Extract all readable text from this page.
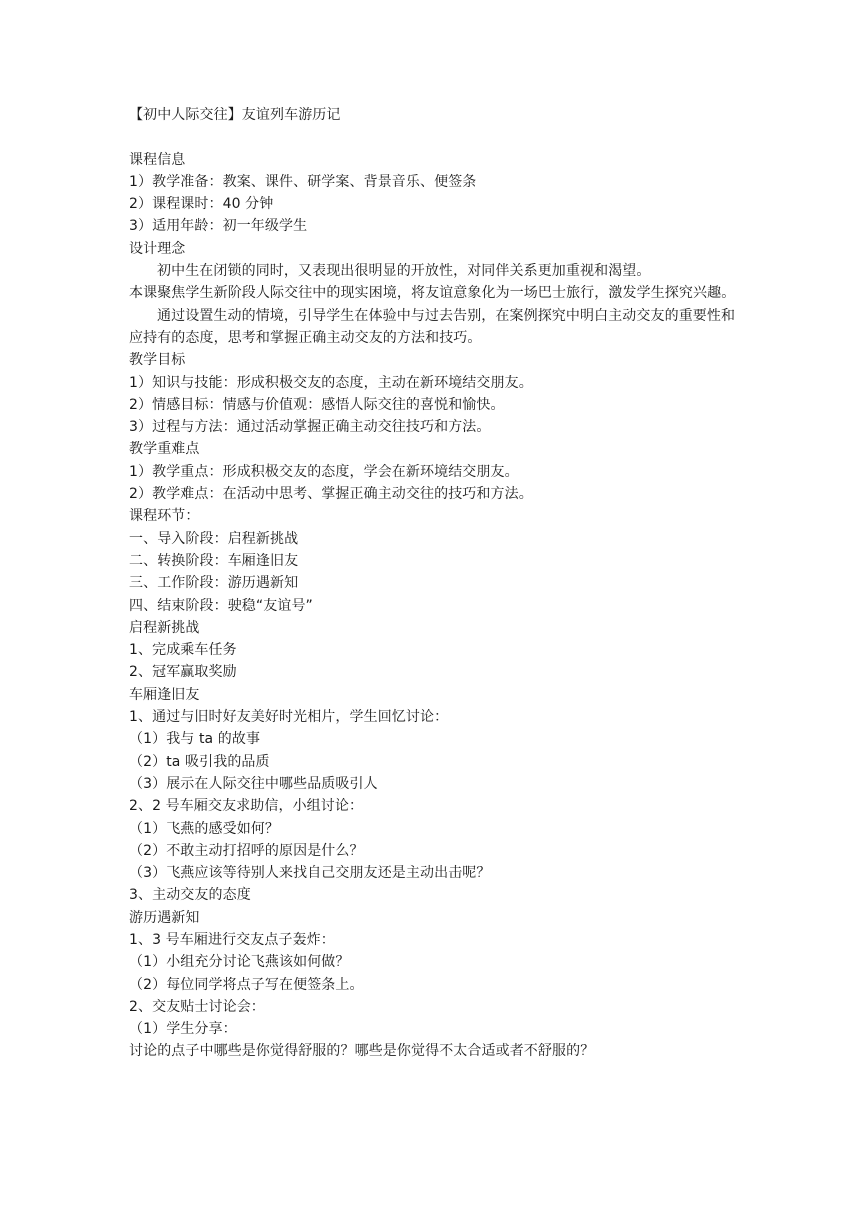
【初中人际交往】友谊列车游历记

课程信息

1）教学准备：教案、课件、研学案、背景音乐、便签条

2）课程课时：40 分钟

3）适用年龄：初一年级学生

设计理念

初中生在闭锁的同时，又表现出很明显的开放性，对同伴关系更加重视和渴望。

本课聚焦学生新阶段人际交往中的现实困境，将友谊意象化为一场巴士旅行，激发学生探究兴趣。

通过设置生动的情境，引导学生在体验中与过去告别，在案例探究中明白主动交友的重要性和应持有的态度，思考和掌握正确主动交友的方法和技巧。

教学目标

1）知识与技能：形成积极交友的态度，主动在新环境结交朋友。

2）情感目标：情感与价值观：感悟人际交往的喜悦和愉快。

3）过程与方法：通过活动掌握正确主动交往技巧和方法。

教学重难点

1）教学重点：形成积极交友的态度，学会在新环境结交朋友。

2）教学难点：在活动中思考、掌握正确主动交往的技巧和方法。

课程环节：

一、导入阶段：启程新挑战

二、转换阶段：车厢逢旧友

三、工作阶段：游历遇新知

四、结束阶段：驶稳“友谊号”

启程新挑战

1、完成乘车任务

2、冠军赢取奖励

车厢逢旧友

1、通过与旧时好友美好时光相片，学生回忆讨论：

（1）我与 ta 的故事

（2）ta 吸引我的品质

（3）展示在人际交往中哪些品质吸引人

2、2 号车厢交友求助信，小组讨论：

（1）飞燕的感受如何？

（2）不敢主动打招呼的原因是什么？

（3）飞燕应该等待别人来找自己交朋友还是主动出击呢？

3、主动交友的态度

游历遇新知

1、3 号车厢进行交友点子轰炸：

（1）小组充分讨论飞燕该如何做？

（2）每位同学将点子写在便签条上。

2、交友贴士讨论会：

（1）学生分享：

讨论的点子中哪些是你觉得舒服的？哪些是你觉得不太合适或者不舒服的？
